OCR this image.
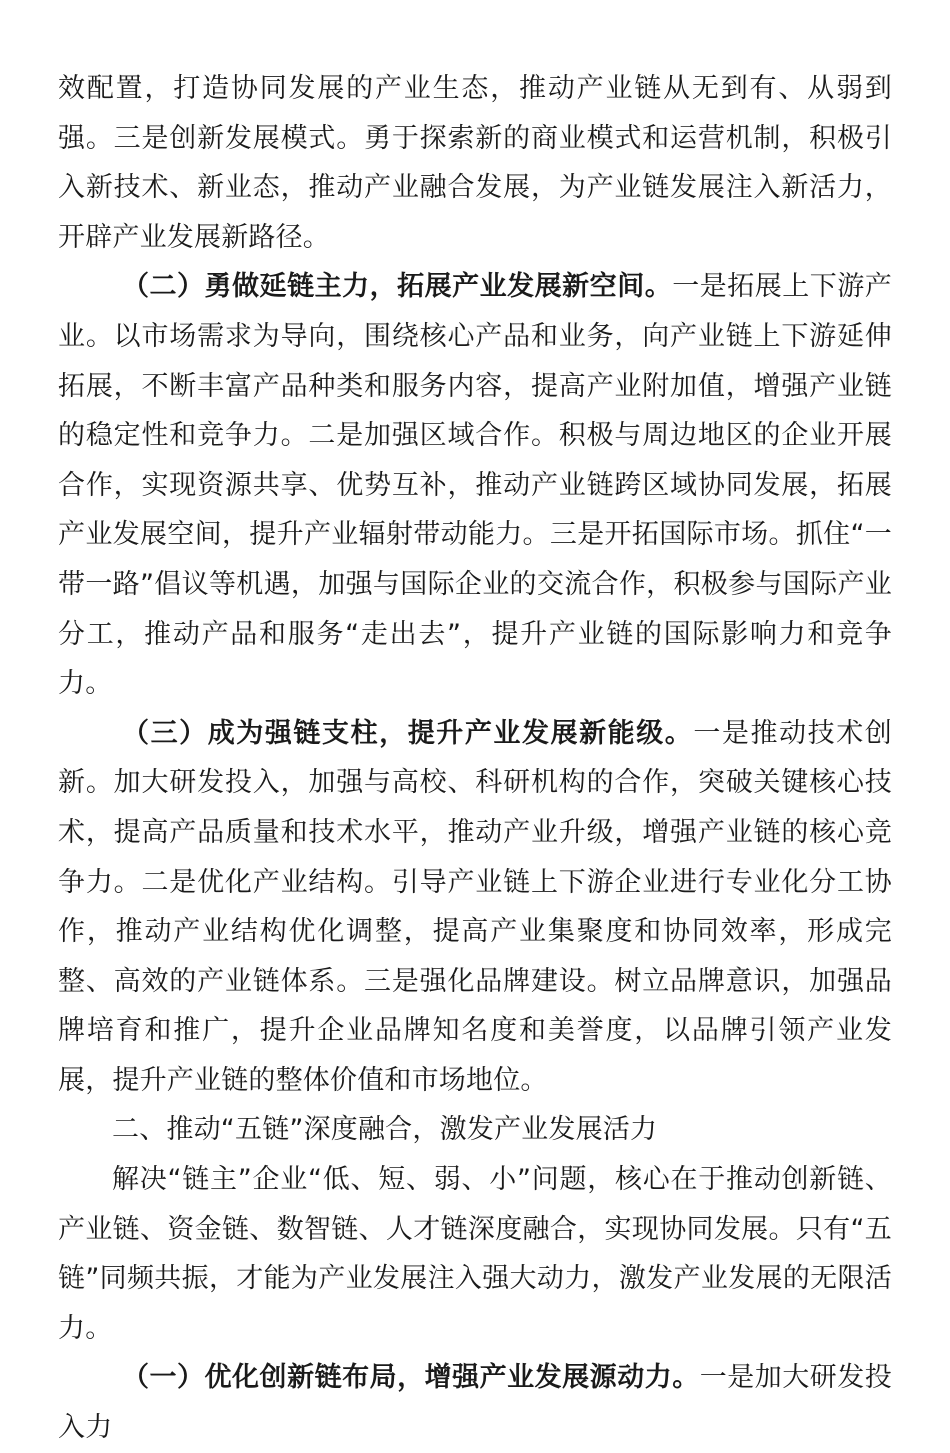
效配置，打造协同发展的产业生态，推动产业链从无到有、从弱到强。三是创新发展模式。勇于探索新的商业模式和运营机制，积极引入新技术、新业态，推动产业融合发展，为产业链发展注入新活力，开辟产业发展新路径。

（二）勇做延链主力，拓展产业发展新空间。一是拓展上下游产业。以市场需求为导向，围绕核心产品和业务，向产业链上下游延伸拓展，不断丰富产品种类和服务内容，提高产业附加值，增强产业链的稳定性和竞争力。二是加强区域合作。积极与周边地区的企业开展合作，实现资源共享、优势互补，推动产业链跨区域协同发展，拓展产业发展空间，提升产业辐射带动能力。三是开拓国际市场。抓住“一带一路”倡议等机遇，加强与国际企业的交流合作，积极参与国际产业分工，推动产品和服务“走出去”，提升产业链的国际影响力和竞争力。

（三）成为强链支柱，提升产业发展新能级。一是推动技术创新。加大研发投入，加强与高校、科研机构的合作，突破关键核心技术，提高产品质量和技术水平，推动产业升级，增强产业链的核心竞争力。二是优化产业结构。引导产业链上下游企业进行专业化分工协作，推动产业结构优化调整，提高产业集聚度和协同效率，形成完整、高效的产业链体系。三是强化品牌建设。树立品牌意识，加强品牌培育和推广，提升企业品牌知名度和美誉度，以品牌引领产业发展，提升产业链的整体价值和市场地位。

二、推动“五链”深度融合，激发产业发展活力

解决“链主”企业“低、短、弱、小”问题，核心在于推动创新链、产业链、资金链、数智链、人才链深度融合，实现协同发展。只有“五链”同频共振，才能为产业发展注入强大动力，激发产业发展的无限活力。

（一）优化创新链布局，增强产业发展源动力。一是加大研发投入力
